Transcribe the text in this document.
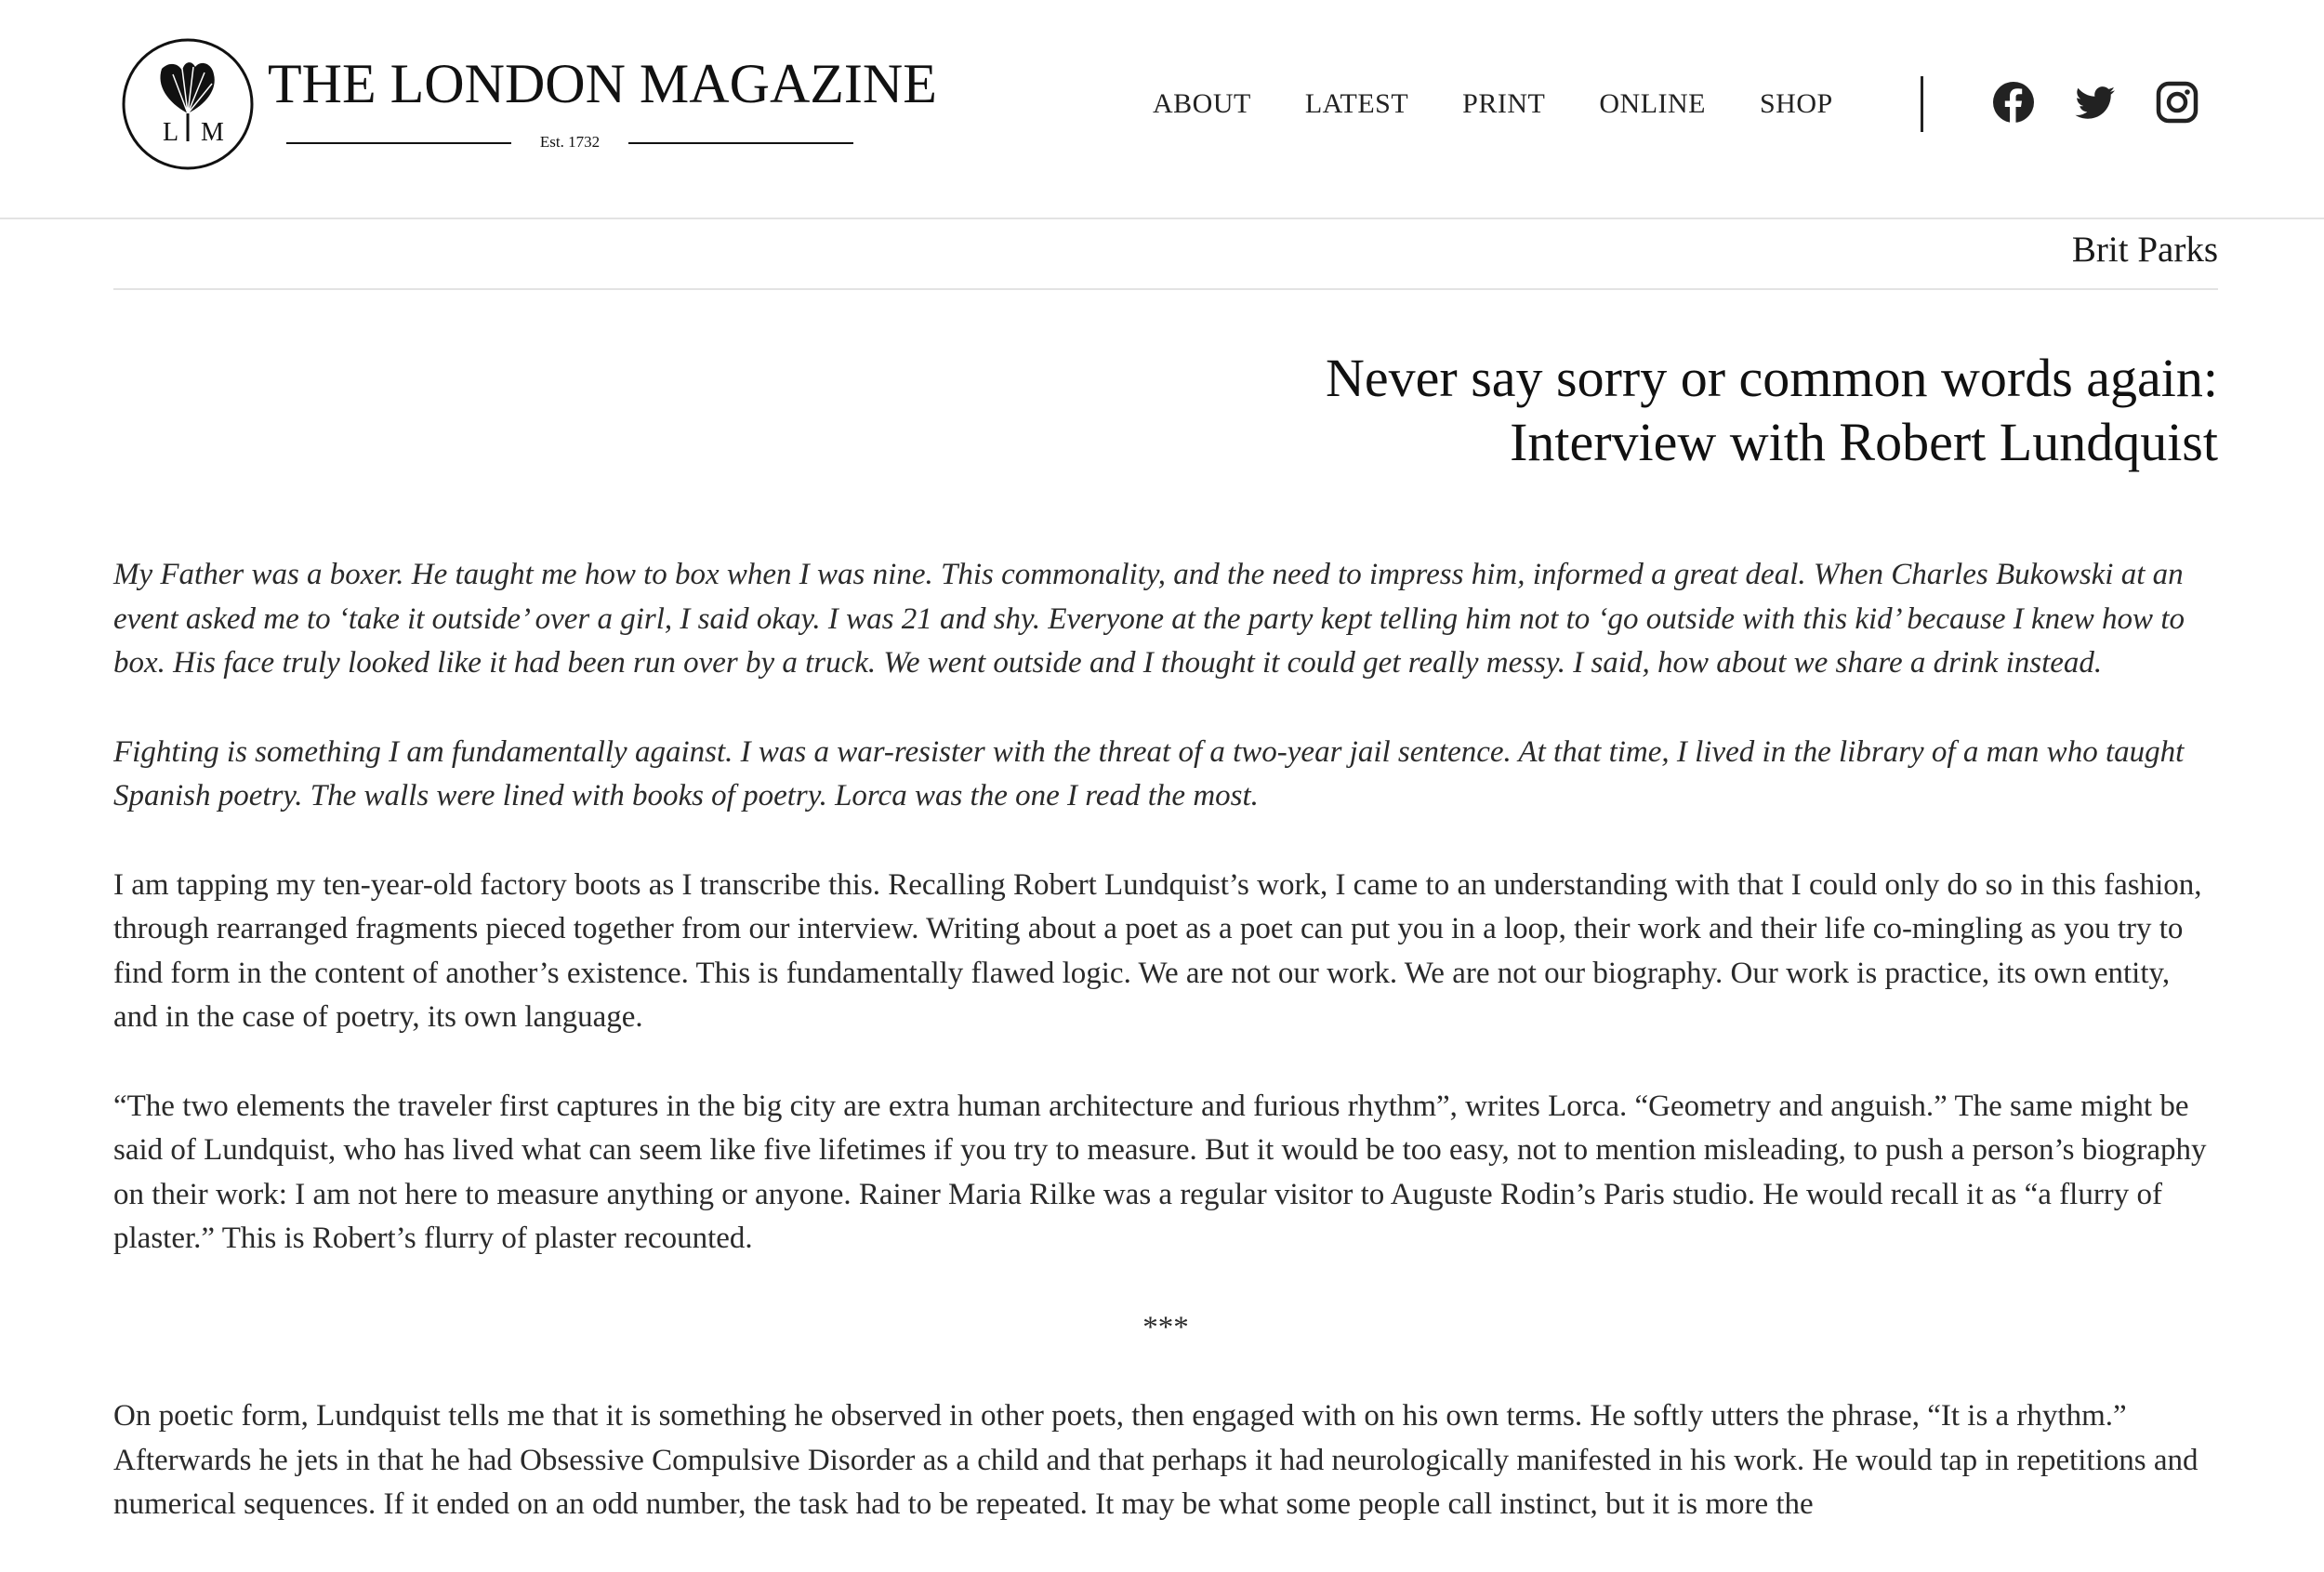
L M
THE LONDON MAGAZINE
Est. 1732
ABOUT LATEST PRINT ONLINE SHOP
Brit Parks
Never say sorry or common words again:
Interview with Robert Lundquist

My Father was a boxer. He taught me how to box when I was nine. This commonality, and the need to impress him, informed a great deal. When Charles Bukowski at an event asked me to ‘take it outside’ over a girl, I said okay. I was 21 and shy. Everyone at the party kept telling him not to ‘go outside with this kid’ because I knew how to box. His face truly looked like it had been run over by a truck. We went outside and I thought it could get really messy. I said, how about we share a drink instead.

Fighting is something I am fundamentally against. I was a war-resister with the threat of a two-year jail sentence. At that time, I lived in the library of a man who taught Spanish poetry. The walls were lined with books of poetry. Lorca was the one I read the most.

I am tapping my ten-year-old factory boots as I transcribe this. Recalling Robert Lundquist’s work, I came to an understanding with that I could only do so in this fashion, through rearranged fragments pieced together from our interview. Writing about a poet as a poet can put you in a loop, their work and their life co-mingling as you try to find form in the content of another’s existence. This is fundamentally flawed logic. We are not our work. We are not our biography. Our work is practice, its own entity, and in the case of poetry, its own language.

“The two elements the traveler first captures in the big city are extra human architecture and furious rhythm”, writes Lorca. “Geometry and anguish.” The same might be said of Lundquist, who has lived what can seem like five lifetimes if you try to measure. But it would be too easy, not to mention misleading, to push a person’s biography on their work: I am not here to measure anything or anyone. Rainer Maria Rilke was a regular visitor to Auguste Rodin’s Paris studio. He would recall it as “a flurry of plaster.” This is Robert’s flurry of plaster recounted.

***

On poetic form, Lundquist tells me that it is something he observed in other poets, then engaged with on his own terms. He softly utters the phrase, “It is a rhythm.” Afterwards he jets in that he had Obsessive Compulsive Disorder as a child and that perhaps it had neurologically manifested in his work. He would tap in repetitions and numerical sequences. If it ended on an odd number, the task had to be repeated. It may be what some people call instinct, but it is more the
